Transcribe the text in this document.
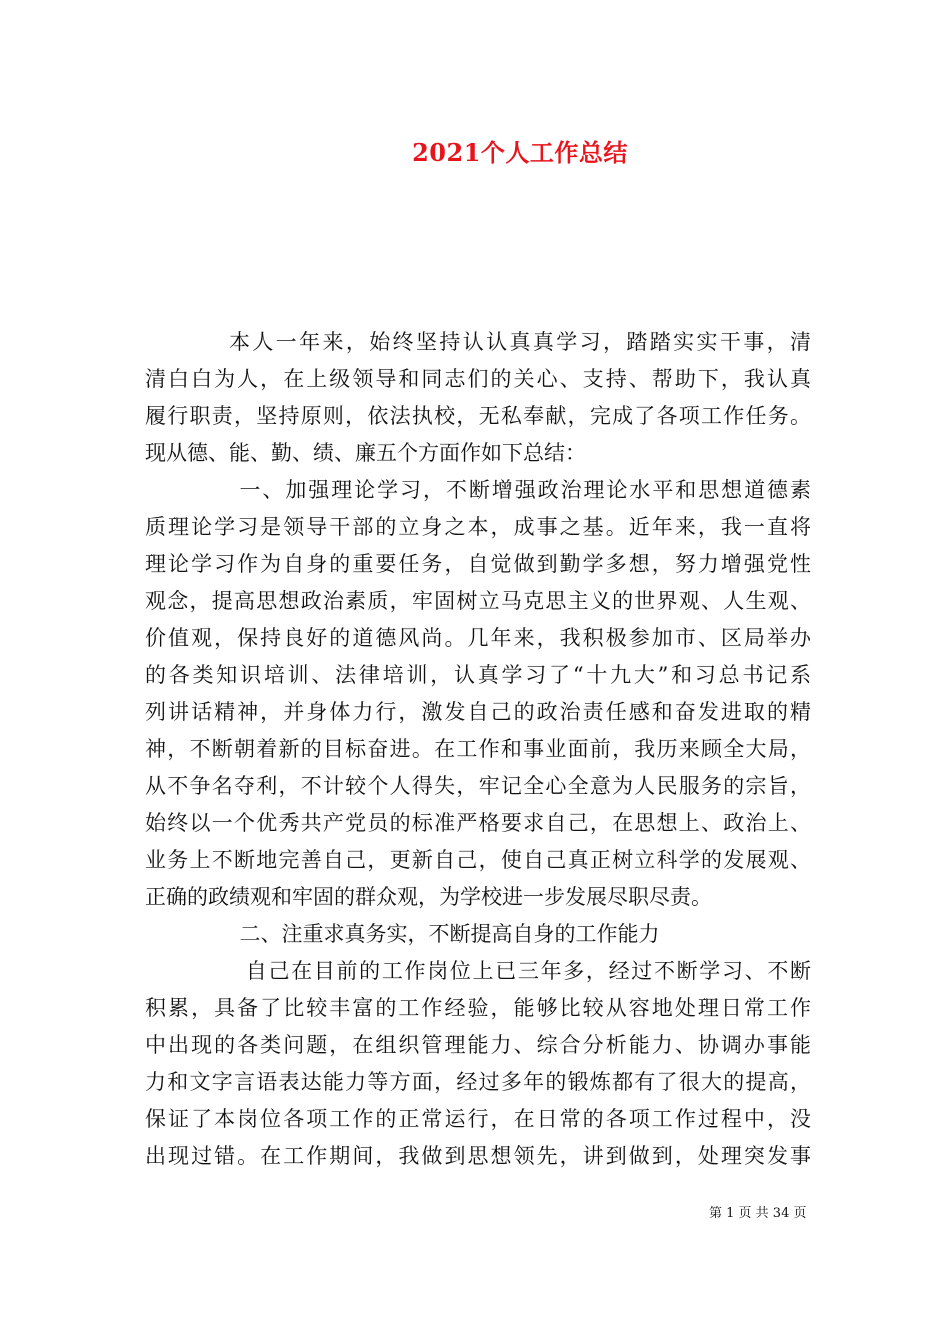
2021个人工作总结
本人一年来，始终坚持认认真真学习，踏踏实实干事，清
清白白为人，在上级领导和同志们的关心、支持、帮助下，我认真
履行职责，坚持原则，依法执校，无私奉献，完成了各项工作任务。
现从德、能、勤、绩、廉五个方面作如下总结：
一、加强理论学习，不断增强政治理论水平和思想道德素
质理论学习是领导干部的立身之本，成事之基。近年来，我一直将
理论学习作为自身的重要任务，自觉做到勤学多想，努力增强党性
观念，提高思想政治素质，牢固树立马克思主义的世界观、人生观、
价值观，保持良好的道德风尚。几年来，我积极参加市、区局举办
的各类知识培训、法律培训，认真学习了“十九大”和习总书记系
列讲话精神，并身体力行，激发自己的政治责任感和奋发进取的精
神，不断朝着新的目标奋进。在工作和事业面前，我历来顾全大局，
从不争名夺利，不计较个人得失，牢记全心全意为人民服务的宗旨，
始终以一个优秀共产党员的标准严格要求自己，在思想上、政治上、
业务上不断地完善自己，更新自己，使自己真正树立科学的发展观、
正确的政绩观和牢固的群众观，为学校进一步发展尽职尽责。
二、注重求真务实，不断提高自身的工作能力
自己在目前的工作岗位上已三年多，经过不断学习、不断
积累，具备了比较丰富的工作经验，能够比较从容地处理日常工作
中出现的各类问题，在组织管理能力、综合分析能力、协调办事能
力和文字言语表达能力等方面，经过多年的锻炼都有了很大的提高，
保证了本岗位各项工作的正常运行，在日常的各项工作过程中，没
出现过错。在工作期间，我做到思想领先，讲到做到，处理突发事
第 1 页 共 34 页
